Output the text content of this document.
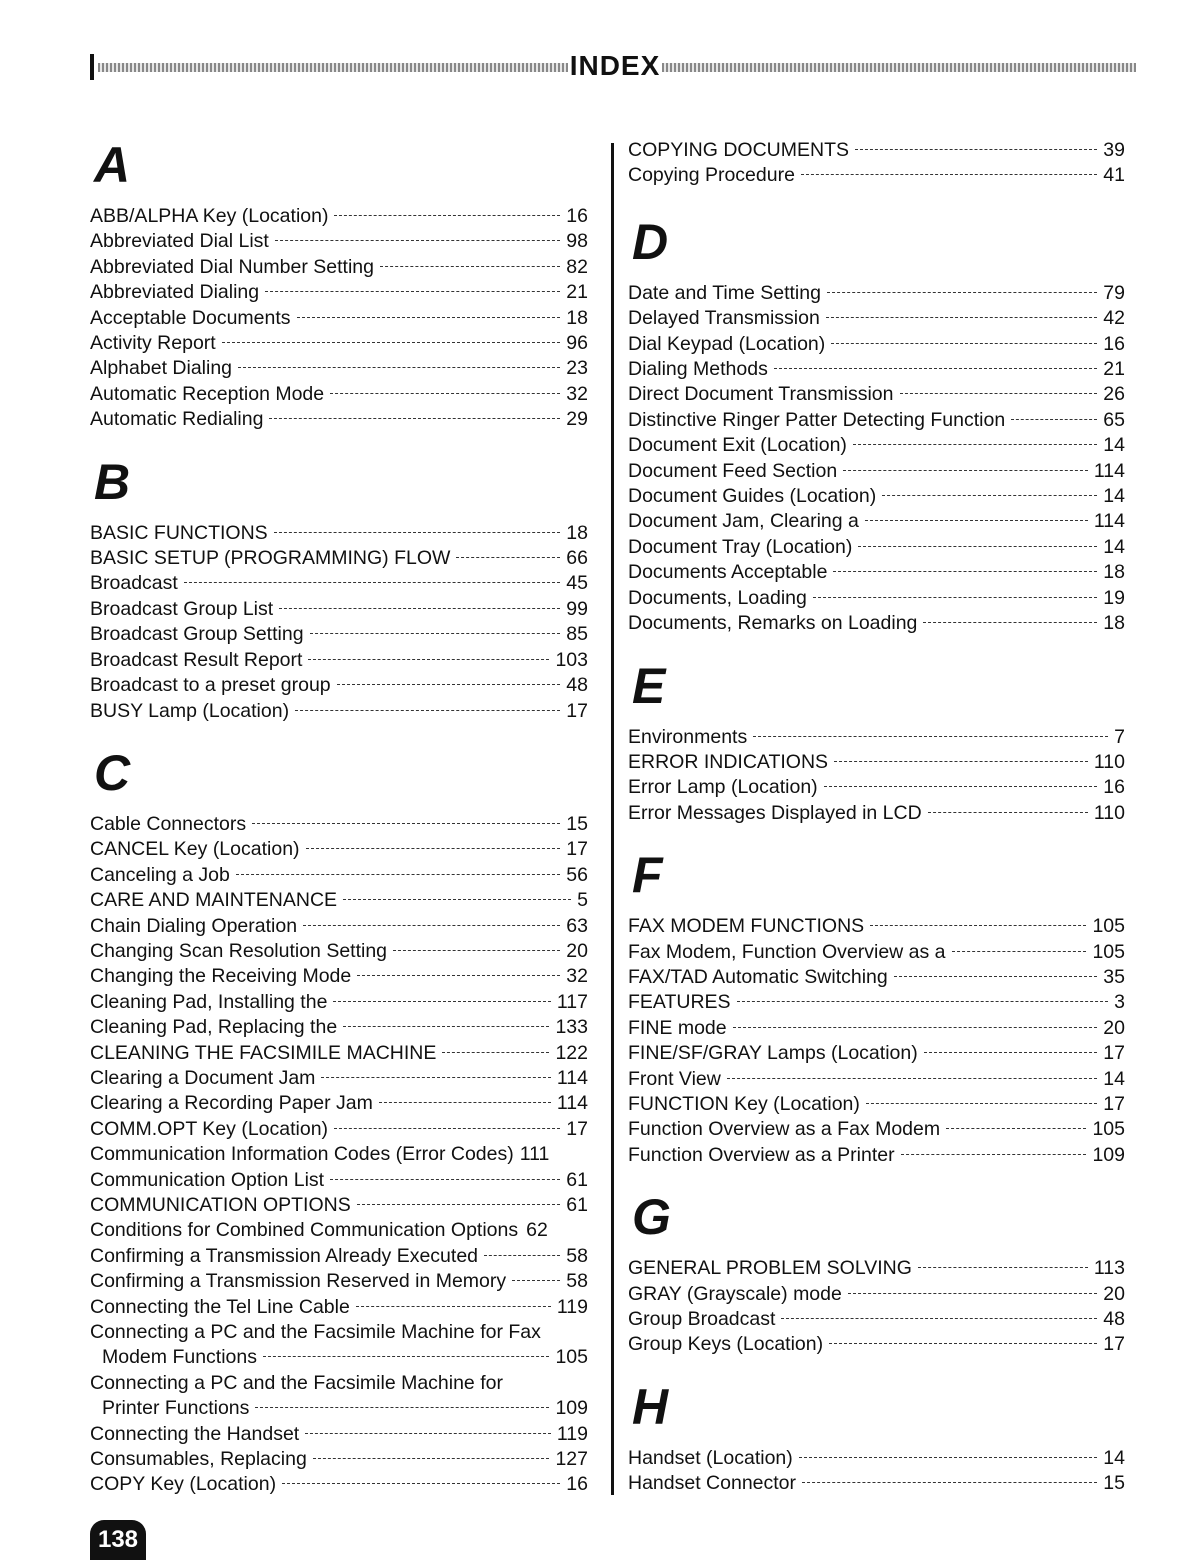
INDEX
A
ABB/ALPHA Key (Location)	16
Abbreviated Dial List	98
Abbreviated Dial Number Setting	82
Abbreviated Dialing	21
Acceptable Documents	18
Activity Report	96
Alphabet Dialing	23
Automatic Reception Mode	32
Automatic Redialing	29
B
BASIC FUNCTIONS	18
BASIC SETUP (PROGRAMMING) FLOW	66
Broadcast	45
Broadcast Group List	99
Broadcast Group Setting	85
Broadcast Result Report	103
Broadcast to a preset group	48
BUSY Lamp (Location)	17
C
Cable Connectors	15
CANCEL Key (Location)	17
Canceling a Job	56
CARE AND MAINTENANCE	5
Chain Dialing Operation	63
Changing Scan Resolution Setting	20
Changing the Receiving Mode	32
Cleaning Pad, Installing the	117
Cleaning Pad, Replacing the	133
CLEANING THE FACSIMILE MACHINE	122
Clearing a Document Jam	114
Clearing a Recording Paper Jam	114
COMM.OPT Key (Location)	17
Communication Information Codes (Error Codes) 111
Communication Option List	61
COMMUNICATION OPTIONS	61
Conditions for Combined Communication Options 62
Confirming a Transmission Already Executed	58
Confirming a Transmission Reserved in Memory	58
Connecting the Tel Line Cable	119
Connecting a PC and the Facsimile Machine for Fax
Modem Functions	105
Connecting a PC and the Facsimile Machine for
Printer Functions	109
Connecting the Handset	119
Consumables, Replacing	127
COPY Key (Location)	16
COPYING DOCUMENTS	39
Copying Procedure	41
D
Date and Time Setting	79
Delayed Transmission	42
Dial Keypad (Location)	16
Dialing Methods	21
Direct Document Transmission	26
Distinctive Ringer Patter Detecting Function	65
Document Exit (Location)	14
Document Feed Section	114
Document Guides (Location)	14
Document Jam, Clearing a	114
Document Tray (Location)	14
Documents Acceptable	18
Documents, Loading	19
Documents, Remarks on Loading	18
E
Environments	7
ERROR INDICATIONS	110
Error Lamp (Location)	16
Error Messages Displayed in LCD	110
F
FAX MODEM FUNCTIONS	105
Fax Modem, Function Overview as a	105
FAX/TAD Automatic Switching	35
FEATURES	3
FINE mode	20
FINE/SF/GRAY Lamps (Location)	17
Front View	14
FUNCTION Key (Location)	17
Function Overview as a Fax Modem	105
Function Overview as a Printer	109
G
GENERAL PROBLEM SOLVING	113
GRAY (Grayscale) mode	20
Group Broadcast	48
Group Keys (Location)	17
H
Handset (Location)	14
Handset Connector	15
138
